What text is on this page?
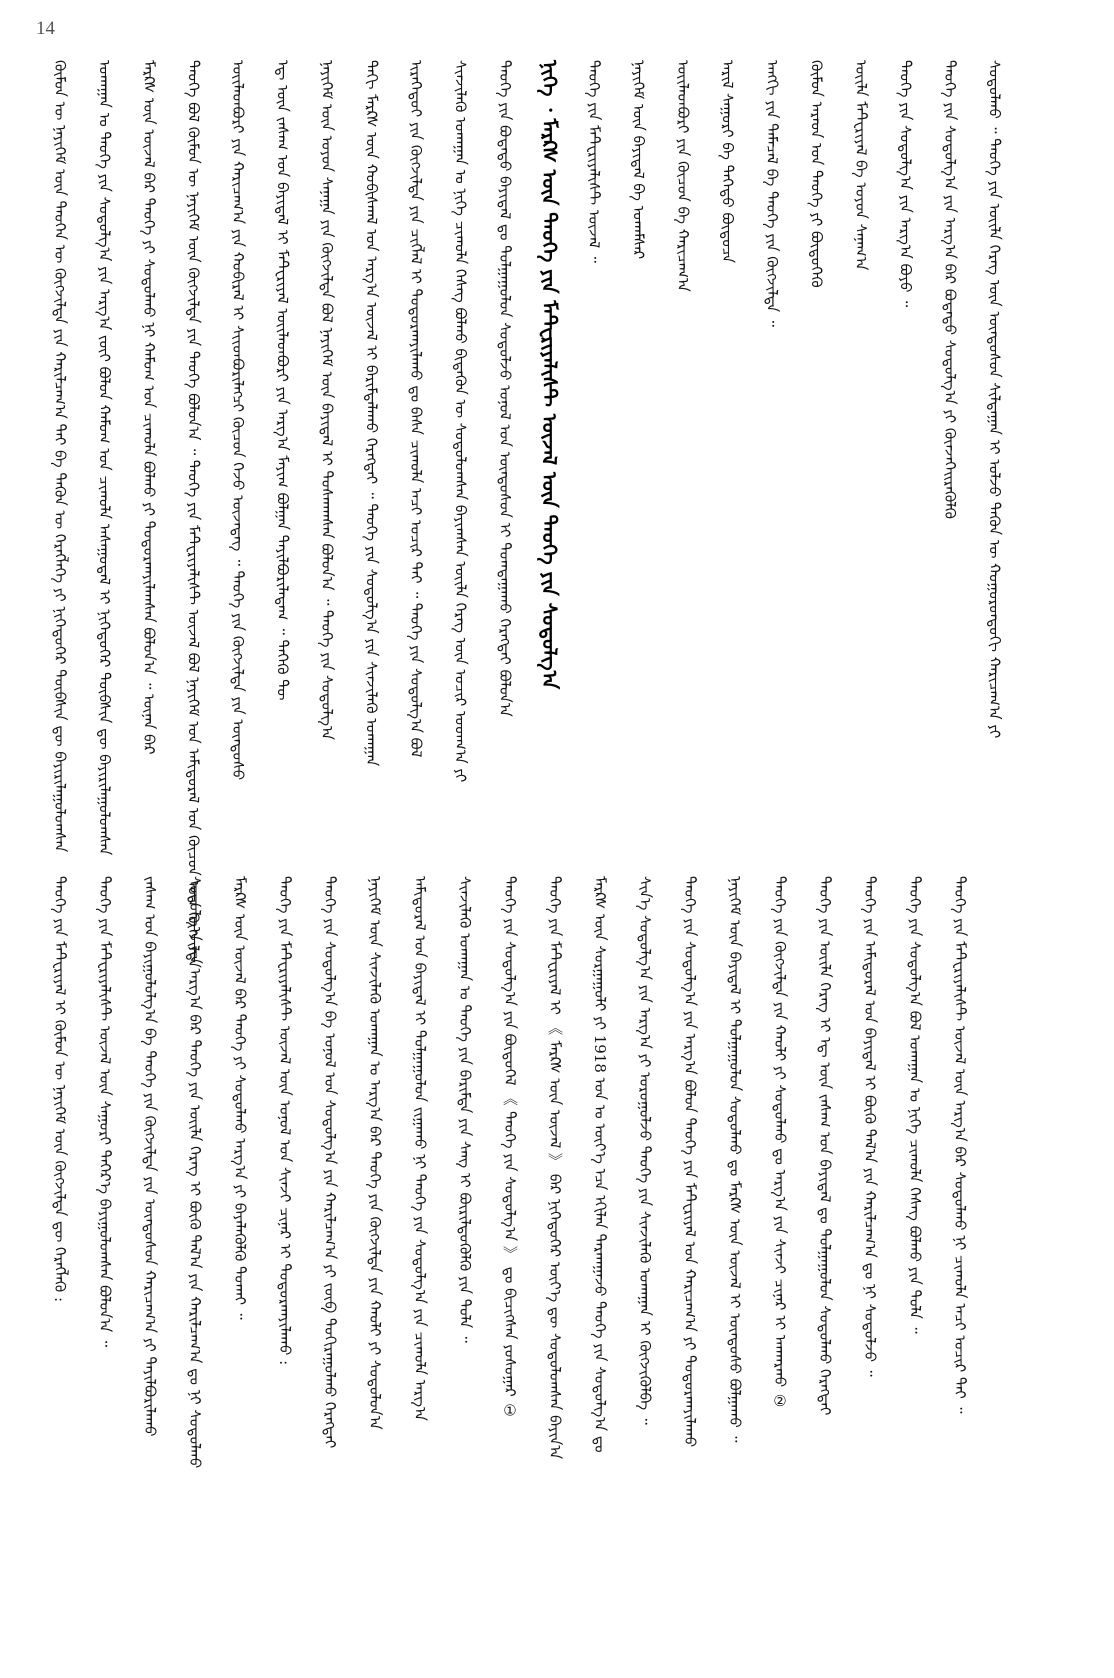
14
ᠬᠦᠮᠦᠨ ᠦ ᠨᠡᠶᠢᠭᠡᠮ ᠦᠨ ᠲᠡᠦᠬᠡᠨ ᠦ ᠬᠦᠭᠵᠢᠯᠲᠡ ᠶᠢᠨ ᠬᠠᠷᠢᠯᠴᠠᠭ᠎ᠠ ᠲᠠᠢ ᠪᠠ ᠲᠡᠭᠦᠨ ᠦ ᠬᠡᠷᠡᠭᠯᠡᠭᠡ ᠶᠢ ᠨᠢᠭᠡᠳᠦᠭᠡᠷ ᠲᠦᠪᠰᠢᠨ ᠳᠦ ᠪᠠᠶᠢᠷᠢᠯᠠᠭᠤᠯᠤᠭᠰᠠᠨ ᠤᠬᠠᠭᠠᠨ ᠤ ᠲᠡᠦᠬᠡ ᠶᠢᠨ ᠰᠤᠳᠤᠯᠭ᠎ᠠ ᠶᠢᠨ ᠠᠷᠭ᠎ᠠ ᠵᠦᠢ ᠪᠣᠯᠤᠨ ᠬᠠᠮᠤᠭ ᠤᠨ ᠴᠢᠬᠤᠯᠠ ᠠᠰᠠᠭᠤᠳᠠᠯ ᠢ ᠨᠢᠭᠡᠳᠦᠭᠡᠷ ᠲᠦᠪᠰᠢᠨ ᠳᠦ ᠪᠠᠶᠢᠷᠢᠯᠠᠭᠤᠯᠤᠭᠰᠠᠨ ᠮᠠᠷᠺᠰ ᠦᠨ ᠦᠵᠡᠯ ᠪᠠᠷ ᠲᠡᠦᠬᠡ ᠶᠢ ᠰᠤᠳᠤᠯᠬᠤ ᠨᠢ ᠬᠠᠮᠤᠭ ᠤᠨ ᠴᠢᠬᠤᠯᠠ ᠪᠣᠯᠬᠤ ᠶᠢ ᠲᠣᠳᠣᠷᠬᠠᠶᠢᠯᠠᠭᠰᠠᠨ ᠪᠣᠯᠤᠨ᠎ᠠ ᠃ ᠦᠨᠡᠨ ᠪᠡᠷ ᠲᠡᠦᠬᠡ ᠪᠣᠯ ᠬᠦᠮᠦᠨ ᠦ ᠨᠡᠶᠢᠭᠡᠮ ᠦᠨ ᠬᠦᠭᠵᠢᠯᠲᠡ ᠶᠢᠨ ᠲᠡᠦᠬᠡ ᠪᠣᠯᠤᠨ᠎ᠠ ᠃ ᠲᠡᠦᠬᠡ ᠶᠢᠨ ᠮᠠᠲ᠋ᠧᠷᠢᠶᠠᠯᠢᠰᠲ ᠦᠵᠡᠯ ᠪᠣᠯ ᠨᠡᠶᠢᠭᠡᠮ ᠤᠨ ᠠᠮᠢᠳᠤᠷᠠᠯ ᠤᠨ ᠬᠦᠴᠦᠨ ᠦᠨ ᠬᠦᠭᠵᠢᠯᠲᠡ ᠦᠢᠯᠡᠳᠪᠦᠷᠢ ᠶᠢᠨ ᠬᠠᠷᠢᠴᠠᠭ᠎ᠠ ᠶᠢᠨ ᠬᠤᠪᠢᠷᠠᠯ ᠢ ᠰᠢᠢᠳᠪᠦᠷᠢᠯᠡᠭᠴᠢ ᠬᠦᠴᠦᠨ ᠭᠡᠵᠦ ᠦᠵᠡᠳᠡᠭ ᠃ ᠲᠡᠦᠬᠡ ᠶᠢᠨ ᠬᠦᠭᠵᠢᠯᠲᠡ ᠶᠢᠨ ᠦᠨᠳᠦᠰᠦ ᠡᠳ᠋ ᠦᠨ ᠵᠠᠰᠠᠭ ᠤᠨ ᠪᠠᠶᠢᠳᠠᠯ ᠢ ᠮᠠᠲ᠋ᠧᠷᠢᠶᠠᠯ ᠦᠢᠯᠡᠳᠪᠦᠷᠢ ᠶᠢᠨ ᠠᠷᠭ᠎ᠠ ᠮᠠᠶᠢᠭ ᠪᠣᠯᠭᠠᠨ ᠲᠠᠶᠢᠯᠪᠤᠷᠢᠯᠠᠳᠠᠭ ᠃ ᠲᠡᠭᠡᠬᠦ ᠲᠦ ᠨᠡᠶᠢᠭᠡᠮ ᠦᠨ ᠤᠶᠤᠨ ᠰᠠᠨᠠᠭᠠ ᠶᠢᠨ ᠬᠦᠭᠵᠢᠯᠲᠡ ᠪᠣᠯ ᠨᠡᠶᠢᠭᠡᠮ ᠦᠨ ᠪᠠᠶᠢᠳᠠᠯ ᠢ ᠲᠤᠰᠬᠠᠭᠰᠠᠨ ᠪᠣᠯᠤᠨ᠎ᠠ ᠃ ᠲᠡᠦᠬᠡ ᠶᠢᠨ ᠰᠤᠳᠤᠯᠭ᠎ᠠ ᠳᠠᠬᠢ ᠮᠠᠷᠺᠰ ᠦᠨ ᠬᠤᠪᠢᠰᠬᠠᠯ ᠤᠨ ᠠᠷᠭ᠎ᠠ ᠦᠵᠡᠯ ᠢ ᠪᠠᠷᠢᠮᠲᠠᠯᠠᠬᠤ ᠬᠡᠷᠡᠭᠲᠡᠢ ᠃ ᠲᠡᠦᠬᠡ ᠶᠢᠨ ᠰᠤᠳᠤᠯᠭ᠎ᠠ ᠶᠢᠨ ᠰᠢᠨᠵᠢᠯᠡᠬᠦ ᠤᠬᠠᠭᠠᠨ ᠢᠷᠡᠭᠡᠳᠦᠢ ᠶᠢᠨ ᠬᠦᠭᠵᠢᠯᠲᠡ ᠶᠢᠨ ᠴᠢᠭᠯᠡᠯ ᠢ ᠲᠣᠳᠣᠷᠬᠠᠶᠢᠯᠠᠬᠤ ᠳᠤ ᠪᠠᠰᠠ ᠴᠢᠬᠤᠯᠠ ᠠᠴᠢ ᠤᠴᠢᠷ ᠲᠠᠢ ᠃ ᠲᠡᠦᠬᠡ ᠶᠢᠨ ᠰᠤᠳᠤᠯᠭ᠎ᠠ ᠪᠣᠯ ᠰᠢᠨᠵᠢᠯᠡᠬᠦ ᠤᠬᠠᠭᠠᠨ ᠤ ᠨᠢᠭᠡ ᠴᠢᠬᠤᠯᠠ ᠬᠡᠰᠡᠭ ᠪᠣᠯᠬᠤ ᠪᠢᠳᠡᠬᠦᠨ ᠦ ᠰᠤᠳᠤᠯᠤᠭᠰᠠᠨ ᠪᠠᠶᠢᠭᠰᠠᠨ ᠦᠢᠯᠡ ᠬᠡᠷᠡᠭ ᠦᠨ ᠤᠴᠢᠷ ᠤᠳᠬ᠎ᠠ ᠶᠢ ᠲᠡᠦᠬᠡ ᠶᠢᠨ ᠪᠣᠳᠠᠲᠤ ᠪᠠᠶᠢᠳᠠᠯ ᠳᠤ ᠲᠤᠯᠭᠠᠭᠤᠯᠤᠨ ᠰᠤᠳᠤᠯᠵᠤ ᠣᠨᠣᠯ ᠤᠨ ᠦᠨᠳᠦᠰᠦᠨ ᠢ ᠲᠣᠭᠲᠠᠭᠠᠬᠤ ᠬᠡᠷᠡᠭᠲᠡᠢ ᠪᠣᠯᠤᠨ᠎ᠠ ᠨᠢᠭᠡ ᠂ ᠮᠠᠷᠺᠰ ᠦᠨ ᠲᠡᠦᠬᠡ ᠶᠢᠨ ᠮᠠᠲ᠋ᠧᠷᠢᠶᠠᠯᠢᠰᠲ ᠦᠵᠡᠯ ᠦᠨ ᠲᠡᠦᠬᠡ ᠶᠢᠨ ᠰᠤᠳᠤᠯᠭ᠎ᠠ ᠲᠡᠦᠬᠡ ᠶᠢᠨ ᠮᠠᠲ᠋ᠧᠷᠢᠶᠠᠯᠢᠰᠲ ᠦᠵᠡᠯ ᠃ ᠨᠡᠶᠢᠭᠡᠮ ᠦᠨ ᠪᠠᠶᠢᠳᠠᠯ ᠪᠠ ᠤᠬᠠᠮᠰᠠᠷ ᠦᠢᠯᠡᠳᠪᠦᠷᠢ ᠶᠢᠨ ᠬᠦᠴᠦᠨ ᠪᠠ ᠬᠠᠷᠢᠴᠠᠭ᠎ᠠ ᠠᠷᠢᠯ ᠰᠠᠭᠤᠷᠢ ᠪᠠ ᠳᠡᠭᠡᠳᠦ ᠪᠦᠲᠦᠴᠡ ᠠᠩᠭᠢ ᠶᠢᠨ ᠲᠡᠮᠡᠴᠡᠯ ᠪᠠ ᠲᠡᠦᠬᠡ ᠶᠢᠨ ᠬᠦᠭᠵᠢᠯᠲᠡ ᠃ ᠬᠦᠮᠦᠨ ᠠᠷᠠᠳ ᠤᠨ ᠲᠡᠦᠬᠡ ᠶᠢ ᠪᠦᠲᠦᠭᠡᠬᠦ ᠦᠢᠯᠡ ᠮᠠᠲ᠋ᠧᠷᠢᠶᠠᠯ ᠪᠠ ᠤᠶᠤᠨ ᠰᠠᠨᠠᠭ᠎ᠠ ᠲᠡᠦᠬᠡ ᠶᠢᠨ ᠰᠤᠳᠤᠯᠭ᠎ᠠ ᠶᠢᠨ ᠠᠷᠭ᠎ᠠ ᠪᠤᠶᠤ ᠃ ᠲᠡᠦᠬᠡ ᠶᠢᠨ ᠰᠤᠳᠤᠯᠭ᠎ᠠ ᠶᠢᠨ ᠠᠷᠭ᠎ᠠ ᠪᠠᠷ ᠪᠣᠳᠠᠲᠤ ᠰᠤᠳᠤᠯᠭ᠎ᠠ ᠶᠢ ᠭᠦᠨᠵᠡᠭᠡᠢᠷᠡᠭᠦᠯᠬᠦ ᠰᠤᠳᠤᠯᠬᠤ ᠃ ᠲᠡᠦᠬᠡ ᠶᠢᠨ ᠦᠢᠯᠡ ᠬᠡᠷᠡᠭ ᠦᠨ ᠦᠨᠳᠦᠰᠦᠨ ᠰᠢᠯᠲᠠᠭᠠᠨ ᠢ ᠣᠯᠵᠤ ᠲᠡᠭᠦᠨ ᠦ ᠬᠣᠭᠣᠷᠣᠨᠳᠤᠬᠢ ᠬᠠᠷᠢᠴᠠᠭ᠎ᠠ ᠶᠢ
ᠲᠡᠦᠬᠡ ᠶᠢᠨ ᠮᠠᠲ᠋ᠧᠷᠢᠶᠠᠯ ᠢ ᠬᠦᠮᠦᠨ ᠦ ᠨᠡᠶᠢᠭᠡᠮ ᠦᠨ ᠬᠦᠭᠵᠢᠯᠲᠡ ᠳᠦ ᠬᠡᠷᠡᠭᠯᠡᠬᠦ : ᠲᠡᠦᠬᠡ ᠶᠢᠨ ᠮᠠᠲ᠋ᠧᠷᠢᠶᠠᠯᠢᠰᠲ ᠦᠵᠡᠯ ᠦᠨ ᠰᠠᠭᠤᠷᠢ ᠳᠡᠭᠡᠷ᠎ᠡ ᠪᠠᠶᠢᠭᠤᠯᠤᠭᠰᠠᠨ ᠪᠣᠯᠤᠨ᠎ᠠ ᠃ ᠵᠠᠰᠠᠭ ᠤᠨ ᠪᠠᠶᠢᠭᠤᠯᠤᠯᠭ᠎ᠠ ᠪᠠ ᠲᠡᠦᠬᠡ ᠶᠢᠨ ᠬᠦᠭᠵᠢᠯᠲᠡ ᠶᠢᠨ ᠦᠨᠳᠦᠰᠦᠨ ᠬᠠᠷᠢᠴᠠᠭ᠎ᠠ ᠶᠢ ᠲᠠᠶᠢᠯᠪᠤᠷᠢᠯᠠᠬᠤ ᠰᠤᠳᠤᠯᠭ᠎ᠠ ᠶᠢᠨ ᠠᠷᠭ᠎ᠠ ᠪᠠᠷ ᠲᠡᠦᠬᠡ ᠶᠢᠨ ᠦᠢᠯᠡ ᠬᠡᠷᠡᠭ ᠢ ᠪᠦᠬᠦ ᠲᠠᠯ᠎ᠠ ᠶᠢᠨ ᠬᠠᠷᠢᠯᠴᠠᠭ᠎ᠠ ᠳᠤ ᠨᠢ ᠰᠤᠳᠤᠯᠬᠤ ᠮᠠᠷᠺᠰ ᠦᠨ ᠦᠵᠡᠯ ᠪᠠᠷ ᠲᠡᠦᠬᠡ ᠶᠢ ᠰᠤᠳᠤᠯᠬᠤ ᠠᠷᠭ᠎ᠠ ᠶᠢ ᠪᠡᠶᠡᠯᠡᠭᠦᠯᠬᠦ ᠲᠤᠬᠠᠢ ᠃ ᠲᠡᠦᠬᠡ ᠶᠢᠨ ᠮᠠᠲ᠋ᠧᠷᠢᠶᠠᠯᠢᠰᠲ ᠦᠵᠡᠯ ᠦᠨ ᠣᠨᠣᠯ ᠤᠨ ᠰᠢᠨᠵᠢ ᠴᠢᠨᠠᠷ ᠢ ᠲᠣᠳᠣᠷᠬᠠᠶᠢᠯᠠᠬᠤ : ᠲᠡᠦᠬᠡ ᠶᠢᠨ ᠰᠤᠳᠤᠯᠭ᠎ᠠ ᠪᠠ ᠣᠨᠣᠯ ᠤᠨ ᠰᠤᠳᠤᠯᠭ᠎ᠠ ᠶᠢᠨ ᠬᠠᠷᠢᠯᠴᠠᠭ᠎ᠠ ᠶᠢ ᠵᠦᠪ ᠲᠤᠬᠢᠷᠠᠭᠤᠯᠬᠤ ᠬᠡᠷᠡᠭᠲᠡᠢ ᠨᠡᠶᠢᠭᠡᠮ ᠦᠨ ᠰᠢᠨᠵᠢᠯᠡᠬᠦ ᠤᠬᠠᠭᠠᠨ ᠤ ᠠᠷᠭ᠎ᠠ ᠪᠠᠷ ᠲᠡᠦᠬᠡ ᠶᠢᠨ ᠬᠦᠭᠵᠢᠯᠲᠡ ᠶᠢᠨ ᠬᠠᠤᠯᠢ ᠶᠢ ᠰᠤᠳᠤᠯᠤᠨ᠎ᠠ ᠠᠮᠢᠳᠤᠷᠠᠯ ᠤᠨ ᠪᠠᠶᠢᠳᠠᠯ ᠢ ᠲᠤᠯᠭᠠᠭᠤᠯᠤᠨ ᠵᠢᠭᠠᠬᠤ ᠨᠢ ᠲᠡᠦᠬᠡ ᠶᠢᠨ ᠰᠤᠳᠤᠯᠭ᠎ᠠ ᠶᠢᠨ ᠴᠢᠬᠤᠯᠠ ᠠᠷᠭ᠎ᠠ ᠰᠢᠨᠵᠢᠯᠡᠬᠦ ᠤᠬᠠᠭᠠᠨ ᠤ ᠲᠡᠦᠬᠡ ᠶᠢᠨ ᠪᠠᠷᠢᠮᠲᠠ ᠶᠢᠨ ᠰᠠᠩ ᠢ ᠪᠦᠷᠢᠯᠳᠦᠭᠦᠯᠬᠦ ᠶᠢᠨ ᠲᠤᠯᠠ ᠃ ᠲᠡᠦᠬᠡ ᠶᠢᠨ ᠰᠤᠳᠤᠯᠭ᠎ᠠ ᠶᠢᠨ ᠪᠦᠲᠦᠭᠡᠯ 《 ᠲᠡᠦᠬᠡ ᠶᠢᠨ ᠰᠤᠳᠤᠯᠭ᠎ᠠ 》 ᠳᠤ ᠪᠢᠴᠢᠭᠰᠡᠨ ᠶᠣᠰᠤᠭᠠᠷ ① ᠲᠡᠦᠬᠡ ᠶᠢᠨ ᠮᠠᠲ᠋ᠧᠷᠢᠶᠠᠯ ᠢ 《 ᠮᠠᠷᠺᠰ ᠦᠨ ᠦᠵᠡᠯ 》 ᠪᠠᠷ ᠨᠢᠭᠡᠳᠦᠭᠡᠷ ᠦᠶ᠎ᠡ ᠳᠦ ᠰᠤᠳᠤᠯᠤᠭᠰᠠᠨ ᠪᠠᠶᠢᠨ᠎ᠠ ᠮᠠᠷᠺᠰ ᠦᠨ ᠰᠤᠷᠭᠠᠭᠤᠯᠢ ᠶᠢ 1918 ᠣᠨ ᠤ ᠦᠶ᠎ᠡ ᠡᠴᠡ ᠡᠬᠢᠯᠡᠨ ᠲᠠᠷᠬᠠᠭᠠᠵᠤ ᠲᠡᠦᠬᠡ ᠶᠢᠨ ᠰᠤᠳᠤᠯᠭ᠎ᠠ ᠳᠤ ᠰᠢᠨ᠎ᠡ ᠰᠤᠳᠤᠯᠭ᠎ᠠ ᠶᠢᠨ ᠠᠷᠭ᠎ᠠ ᠶᠢ ᠣᠷᠣᠭᠤᠯᠵᠤ ᠲᠡᠦᠬᠡ ᠶᠢᠨ ᠰᠢᠨᠵᠢᠯᠡᠬᠦ ᠤᠬᠠᠭᠠᠨ ᠢ ᠬᠦᠭᠵᠢᠭᠦᠯᠪᠡ ᠃ ᠲᠡᠦᠬᠡ ᠶᠢᠨ ᠰᠤᠳᠤᠯᠭ᠎ᠠ ᠶᠢᠨ ᠠᠷᠭ᠎ᠠ ᠪᠣᠯᠤᠨ ᠲᠡᠦᠬᠡ ᠶᠢᠨ ᠮᠠᠲ᠋ᠧᠷᠢᠶᠠᠯ ᠤᠨ ᠬᠠᠷᠢᠴᠠᠭ᠎ᠠ ᠶᠢ ᠲᠣᠳᠣᠷᠬᠠᠶᠢᠯᠠᠬᠤ ᠨᠡᠶᠢᠭᠡᠮ ᠦᠨ ᠪᠠᠶᠢᠳᠠᠯ ᠢ ᠲᠤᠯᠭᠠᠭᠤᠯᠤᠨ ᠰᠤᠳᠤᠯᠬᠤ ᠳᠤ ᠮᠠᠷᠺᠰ ᠦᠨ ᠦᠵᠡᠯ ᠢ ᠦᠨᠳᠦᠰᠦ ᠪᠣᠯᠭᠠᠬᠤ ᠃ ᠲᠡᠦᠬᠡ ᠶᠢᠨ ᠬᠦᠭᠵᠢᠯᠲᠡ ᠶᠢᠨ ᠬᠠᠤᠯᠢ ᠶᠢ ᠰᠤᠳᠤᠯᠬᠤ ᠳᠤ ᠠᠷᠭ᠎ᠠ ᠶᠢᠨ ᠰᠢᠨᠵᠢ ᠴᠢᠨᠠᠷ ᠢ ᠠᠨᠬᠠᠷᠬᠤ ② ᠲᠡᠦᠬᠡ ᠶᠢᠨ ᠦᠢᠯᠡ ᠬᠡᠷᠡᠭ ᠢ ᠡᠳ᠋ ᠦᠨ ᠵᠠᠰᠠᠭ ᠤᠨ ᠪᠠᠶᠢᠳᠠᠯ ᠳᠤ ᠲᠤᠯᠭᠠᠭᠤᠯᠤᠨ ᠰᠤᠳᠤᠯᠬᠤ ᠬᠡᠷᠡᠭᠲᠡᠢ ᠲᠡᠦᠬᠡ ᠶᠢᠨ ᠠᠮᠢᠳᠤᠷᠠᠯ ᠤᠨ ᠪᠠᠶᠢᠳᠠᠯ ᠢ ᠪᠦᠬᠦ ᠲᠠᠯ᠎ᠠ ᠶᠢᠨ ᠬᠠᠷᠢᠯᠴᠠᠭ᠎ᠠ ᠳᠤ ᠨᠢ ᠰᠤᠳᠤᠯᠵᠤ ᠃ ᠲᠡᠦᠬᠡ ᠶᠢᠨ ᠰᠤᠳᠤᠯᠭ᠎ᠠ ᠪᠣᠯ ᠤᠬᠠᠭᠠᠨ ᠤ ᠨᠢᠭᠡ ᠴᠢᠬᠤᠯᠠ ᠬᠡᠰᠡᠭ ᠪᠣᠯᠬᠤ ᠶᠢᠨ ᠲᠤᠯᠠ ᠃ ᠲᠡᠦᠬᠡ ᠶᠢᠨ ᠮᠠᠲ᠋ᠧᠷᠢᠶᠠᠯᠢᠰᠲ ᠦᠵᠡᠯ ᠦᠨ ᠠᠷᠭ᠎ᠠ ᠪᠠᠷ ᠰᠤᠳᠤᠯᠬᠤ ᠨᠢ ᠴᠢᠬᠤᠯᠠ ᠠᠴᠢ ᠤᠴᠢᠷ ᠲᠠᠢ ᠃
